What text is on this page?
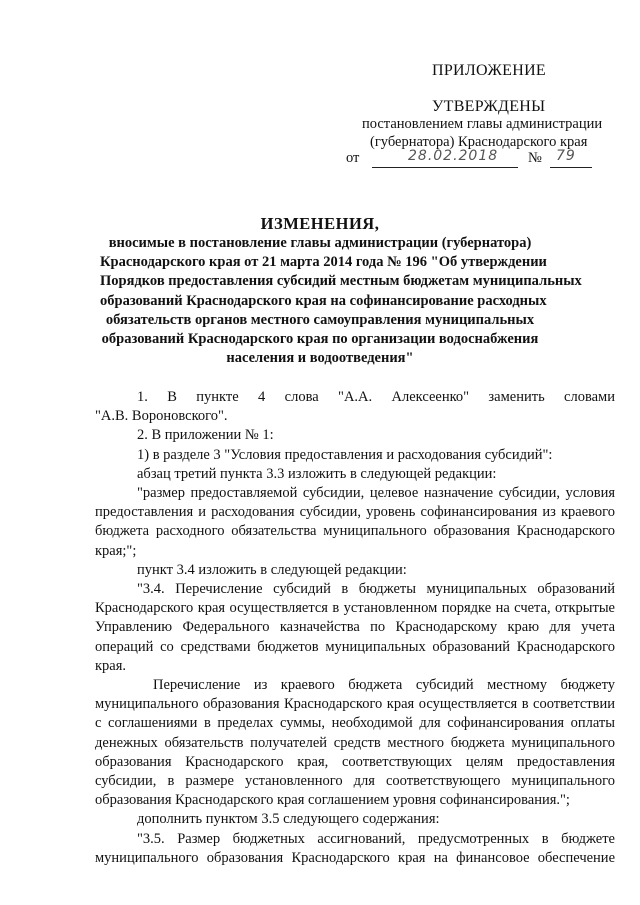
ПРИЛОЖЕНИЕ
УТВЕРЖДЕНЫ
постановлением главы администрации
(губернатора) Краснодарского края
от	28.02.2018 № 79
ИЗМЕНЕНИЯ,
вносимые в постановление главы администрации (губернатора)
Краснодарского края от 21 марта 2014 года № 196 "Об утверждении
Порядков предоставления субсидий местным бюджетам муниципальных
образований Краснодарского края на софинансирование расходных
обязательств органов местного самоуправления муниципальных
образований Краснодарского края по организации водоснабжения
населения и водоотведения"

1. В пункте 4 слова "А.А. Алексеенко" заменить словами

"А.В. Вороновского".

2. В приложении № 1:

1) в разделе 3 "Условия предоставления и расходования субсидий":

абзац третий пункта 3.3 изложить в следующей редакции:

"размер предоставляемой субсидии, целевое назначение субсидии, условия предоставления и расходования субсидии, уровень софинансирования из краевого бюджета расходного обязательства муниципального образования Краснодарского края;";

пункт 3.4 изложить в следующей редакции:

"3.4. Перечисление субсидий в бюджеты муниципальных образований Краснодарского края осуществляется в установленном порядке на счета, открытые Управлению Федерального казначейства по Краснодарскому краю для учета операций со средствами бюджетов муниципальных образований Краснодарского края.

Перечисление из краевого бюджета субсидий местному бюджету муниципального образования Краснодарского края осуществляется в соответствии с соглашениями в пределах суммы, необходимой для софинансирования оплаты денежных обязательств получателей средств местного бюджета муниципального образования Краснодарского края, соответствующих целям предоставления субсидии, в размере установленного для соответствующего муниципального образования Краснодарского края соглашением уровня софинансирования.";

дополнить пунктом 3.5 следующего содержания:

"3.5. Размер бюджетных ассигнований, предусмотренных в бюджете муниципального образования Краснодарского края на финансовое обеспечение
